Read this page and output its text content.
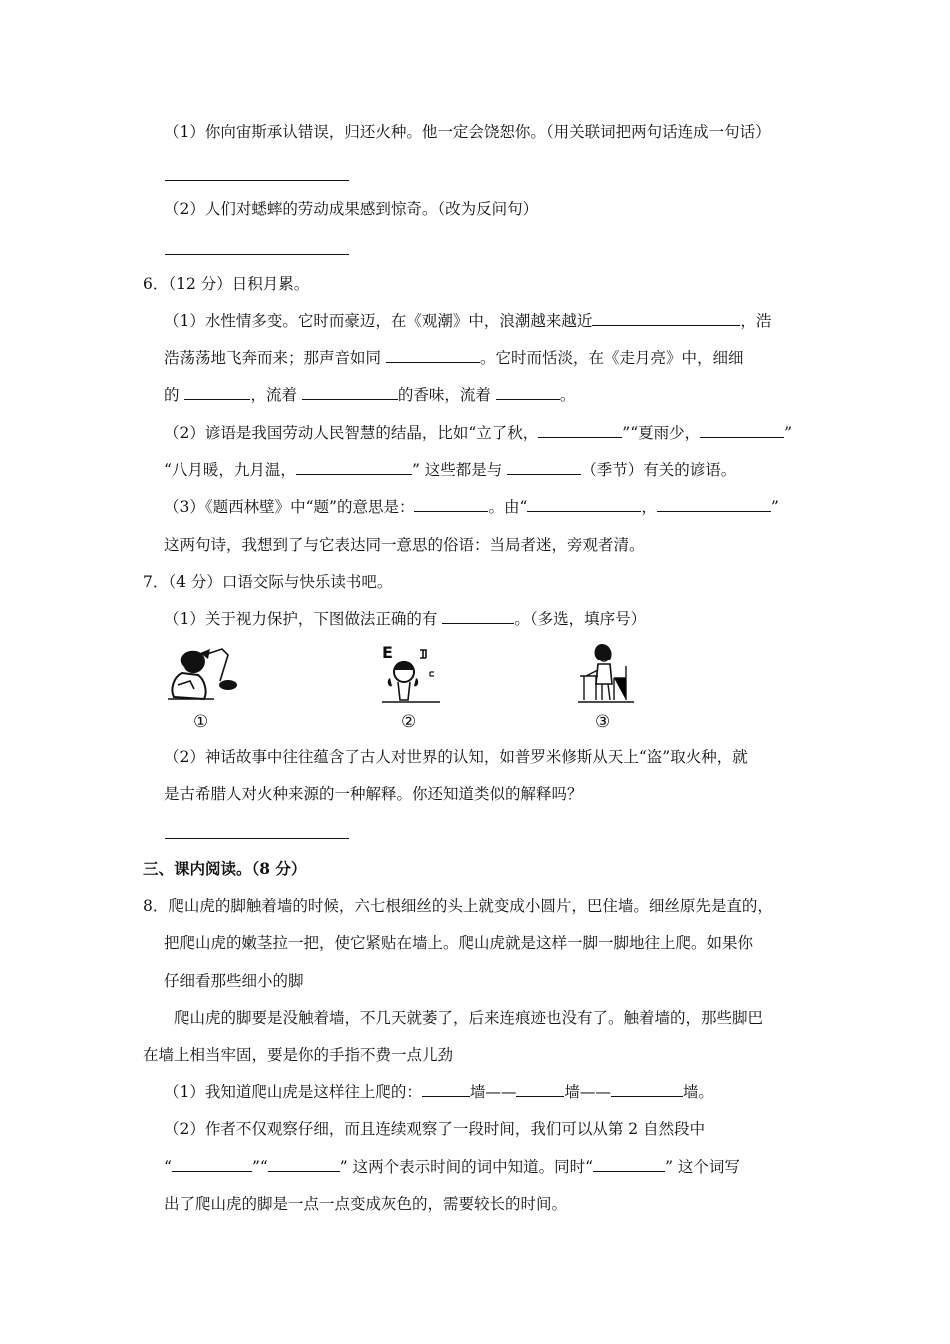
（1）你向宙斯承认错误，归还火种。他一定会饶恕你。（用关联词把两句话连成一句话）
（2）人们对蟋蟀的劳动成果感到惊奇。（改为反问句）
6．（12 分）日积月累。
（1）水性情多变。它时而豪迈，在《观潮》中，浪潮越来越近	，浩
浩荡荡地飞奔而来；那声音如同	。它时而恬淡，在《走月亮》中，细细
的	，流着	的香味，流着	。
（2）谚语是我国劳动人民智慧的结晶，比如“立了秋，	”“夏雨少，	”
“八月暖，九月温，	” 这些都是与	（季节）有关的谚语。
（3）《题西林壁》中“题”的意思是：	。由“	，	”
这两句诗，我想到了与它表达同一意思的俗语：当局者迷，旁观者清。
7．（4 分）口语交际与快乐读书吧。
（1）关于视力保护，下图做法正确的有	。（多选，填序号）
①
E
②	③
（2）神话故事中往往蕴含了古人对世界的认知，如普罗米修斯从天上“盗”取火种，就
是古希腊人对火种来源的一种解释。你还知道类似的解释吗？
三、课内阅读。（8 分）
8．爬山虎的脚触着墙的时候，六七根细丝的头上就变成小圆片，巴住墙。细丝原先是直的，
把爬山虎的嫩茎拉一把，使它紧贴在墙上。爬山虎就是这样一脚一脚地往上爬。如果你
仔细看那些细小的脚
爬山虎的脚要是没触着墙，不几天就萎了，后来连痕迹也没有了。触着墙的，那些脚巴
在墙上相当牢固，要是你的手指不费一点儿劲
（1）我知道爬山虎是这样往上爬的：	墙——	墙——	墙。
（2）作者不仅观察仔细，而且连续观察了一段时间，我们可以从第 2 自然段中
“	”“	” 这两个表示时间的词中知道。同时“	” 这个词写
出了爬山虎的脚是一点一点变成灰色的，需要较长的时间。
